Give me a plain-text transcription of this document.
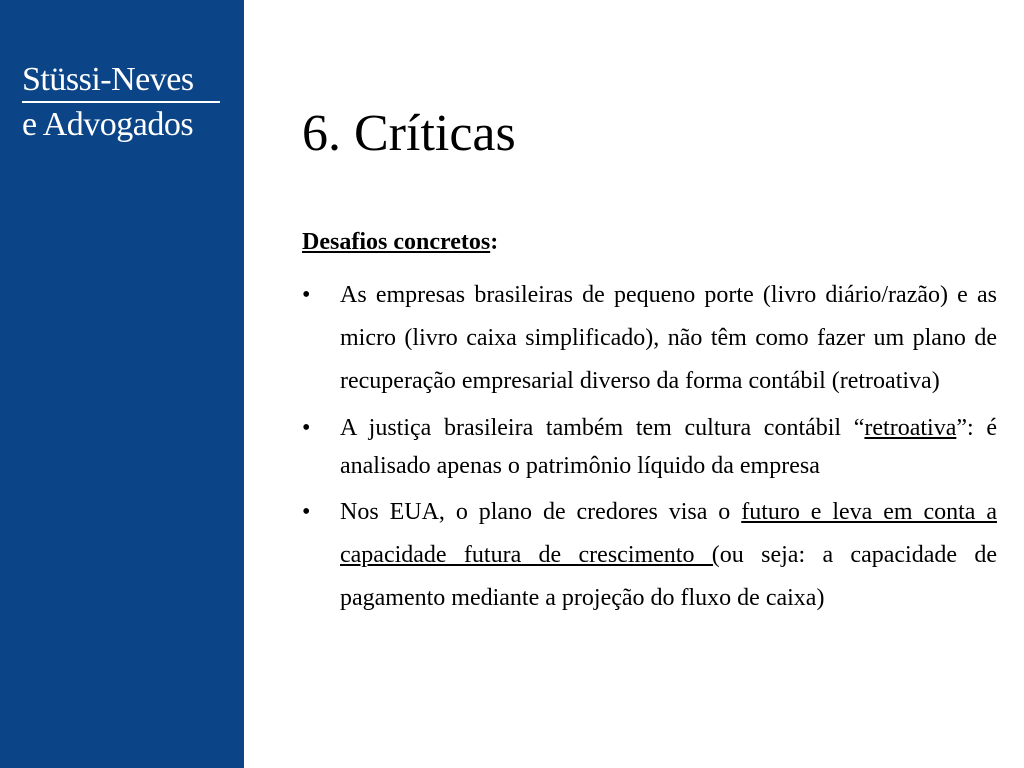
Stüssi-Neves
e Advogados	6. Críticas
Desafios concretos:
•	As empresas brasileiras de pequeno porte (livro diário/razão) e as micro (livro caixa simplificado), não têm como fazer um plano de recuperação empresarial diverso da forma contábil (retroativa)
•	A justiça brasileira também tem cultura contábil “retroativa”: é analisado apenas o patrimônio líquido da empresa
•	Nos EUA, o plano de credores visa o futuro e leva em conta a capacidade futura de crescimento (ou seja: a capacidade de pagamento mediante a projeção do fluxo de caixa)
